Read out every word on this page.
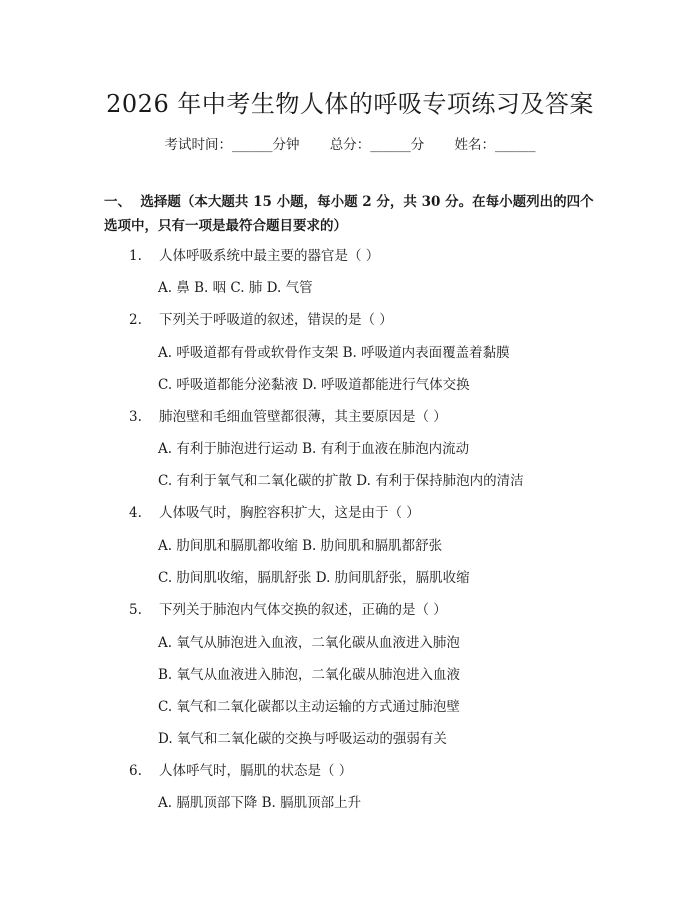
2026 年中考生物人体的呼吸专项练习及答案
考试时间：______分钟 总分：______分 姓名：______
一、 选择题（本大题共 15 小题，每小题 2 分，共 30 分。在每小题列出的四个选项中，只有一项是最符合题目要求的）
1. 人体呼吸系统中最主要的器官是（ ）
A. 鼻 B. 咽 C. 肺 D. 气管
2. 下列关于呼吸道的叙述，错误的是（ ）
A. 呼吸道都有骨或软骨作支架 B. 呼吸道内表面覆盖着黏膜
C. 呼吸道都能分泌黏液 D. 呼吸道都能进行气体交换
3. 肺泡壁和毛细血管壁都很薄，其主要原因是（ ）
A. 有利于肺泡进行运动 B. 有利于血液在肺泡内流动
C. 有利于氧气和二氧化碳的扩散 D. 有利于保持肺泡内的清洁
4. 人体吸气时，胸腔容积扩大，这是由于（ ）
A. 肋间肌和膈肌都收缩 B. 肋间肌和膈肌都舒张
C. 肋间肌收缩，膈肌舒张 D. 肋间肌舒张，膈肌收缩
5. 下列关于肺泡内气体交换的叙述，正确的是（ ）
A. 氧气从肺泡进入血液，二氧化碳从血液进入肺泡
B. 氧气从血液进入肺泡，二氧化碳从肺泡进入血液
C. 氧气和二氧化碳都以主动运输的方式通过肺泡壁
D. 氧气和二氧化碳的交换与呼吸运动的强弱有关
6. 人体呼气时，膈肌的状态是（ ）
A. 膈肌顶部下降 B. 膈肌顶部上升
